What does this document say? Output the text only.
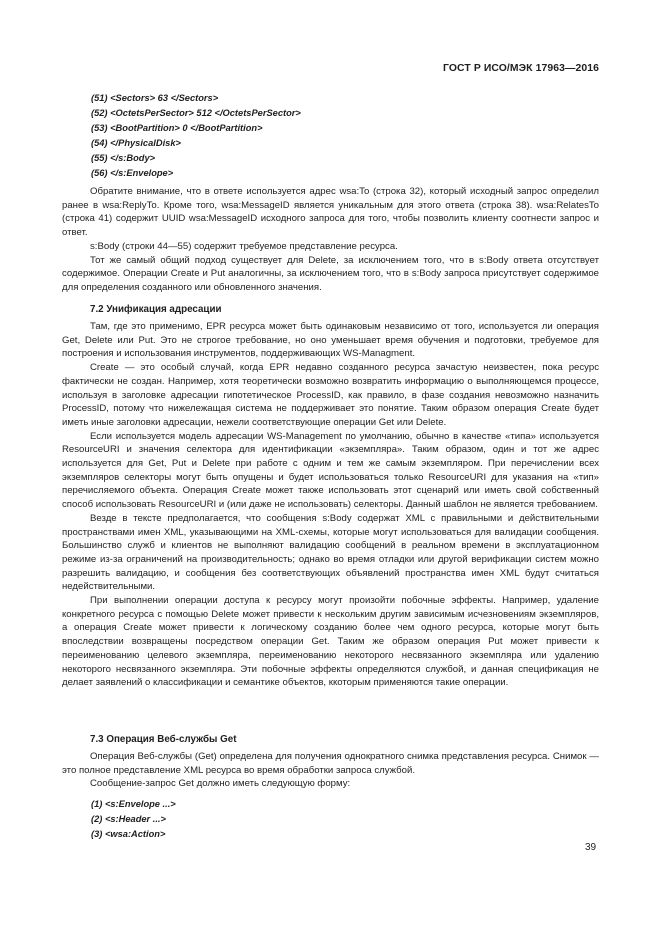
ГОСТ Р ИСО/МЭК 17963—2016
(51) <Sectors> 63 </Sectors>
(52) <OctetsPerSector> 512 </OctetsPerSector>
(53) <BootPartition> 0 </BootPartition>
(54) </PhysicalDisk>
(55) </s:Body>
(56) </s:Envelope>

Обратите внимание, что в ответе используется адрес wsa:To (строка 32), который исходный запрос определил ранее в wsa:ReplyTo. Кроме того, wsa:MessageID является уникальным для этого ответа (строка 38). wsa:RelatesTo (строка 41) содержит UUID wsa:MessageID исходного запроса для того, чтобы позволить клиенту соотнести запрос и ответ.

s:Body (строки 44—55) содержит требуемое представление ресурса.

Тот же самый общий подход существует для Delete, за исключением того, что в s:Body ответа отсутствует содержимое. Операции Create и Put аналогичны, за исключением того, что в s:Body запроса присутствует содержимое для определения созданного или обновленного значения.

7.2 Унификация адресации

Там, где это применимо, EPR ресурса может быть одинаковым независимо от того, используется ли операция Get, Delete или Put. Это не строгое требование, но оно уменьшает время обучения и подготовки, требуемое для построения и использования инструментов, поддерживающих WS-Managment.

Create — это особый случай, когда EPR недавно созданного ресурса зачастую неизвестен, пока ресурс фактически не создан. Например, хотя теоретически возможно возвратить информацию о выполняющемся процессе, используя в заголовке адресации гипотетическое ProcessID, как правило, в фазе создания невозможно назначить ProcessID, потому что нижележащая система не поддерживает это понятие. Таким образом операция Create будет иметь иные заголовки адресации, нежели соответствующие операции Get или Delete.

Если используется модель адресации WS-Management по умолчанию, обычно в качестве «типа» используется ResourceURI и значения селектора для идентификации «экземпляра». Таким образом, один и тот же адрес используется для Get, Put и Delete при работе с одним и тем же самым экземпляром. При перечислении всех экземпляров селекторы могут быть опущены и будет использоваться только ResourceURI для указания на «тип» перечисляемого объекта. Операция Create может также использовать этот сценарий или иметь свой собственный способ использовать ResourceURI и (или даже не использовать) селекторы. Данный шаблон не является требованием.

Везде в тексте предполагается, что сообщения s:Body содержат XML с правильными и действительными пространствами имен XML, указывающими на XML-схемы, которые могут использоваться для валидации сообщения. Большинство служб и клиентов не выполняют валидацию сообщений в реальном времени в эксплуатационном режиме из-за ограничений на производительность; однако во время отладки или другой верификации систем можно разрешить валидацию, и сообщения без соответствующих объявлений пространства имен XML будут считаться недействительными.

При выполнении операции доступа к ресурсу могут произойти побочные эффекты. Например, удаление конкретного ресурса с помощью Delete может привести к нескольким другим зависимым исчезновениям экземпляров, а операция Create может привести к логическому созданию более чем одного ресурса, которые могут быть впоследствии возвращены посредством операции Get. Таким же образом операция Put может привести к переименованию целевого экземпляра, переименованию некоторого несвязанного экземпляра или удалению некоторого несвязанного экземпляра. Эти побочные эффекты определяются службой, и данная спецификация не делает заявлений о классификации и семантике объектов, ккоторым применяются такие операции.

7.3 Операция Веб-службы Get

Операция Веб-службы (Get) определена для получения однократного снимка представления ресурса. Снимок — это полное представление XML ресурса во время обработки запроса службой.

Сообщение-запрос Get должно иметь следующую форму:

(1) <s:Envelope ...>
(2) <s:Header ...>
(3) <wsa:Action>
39
